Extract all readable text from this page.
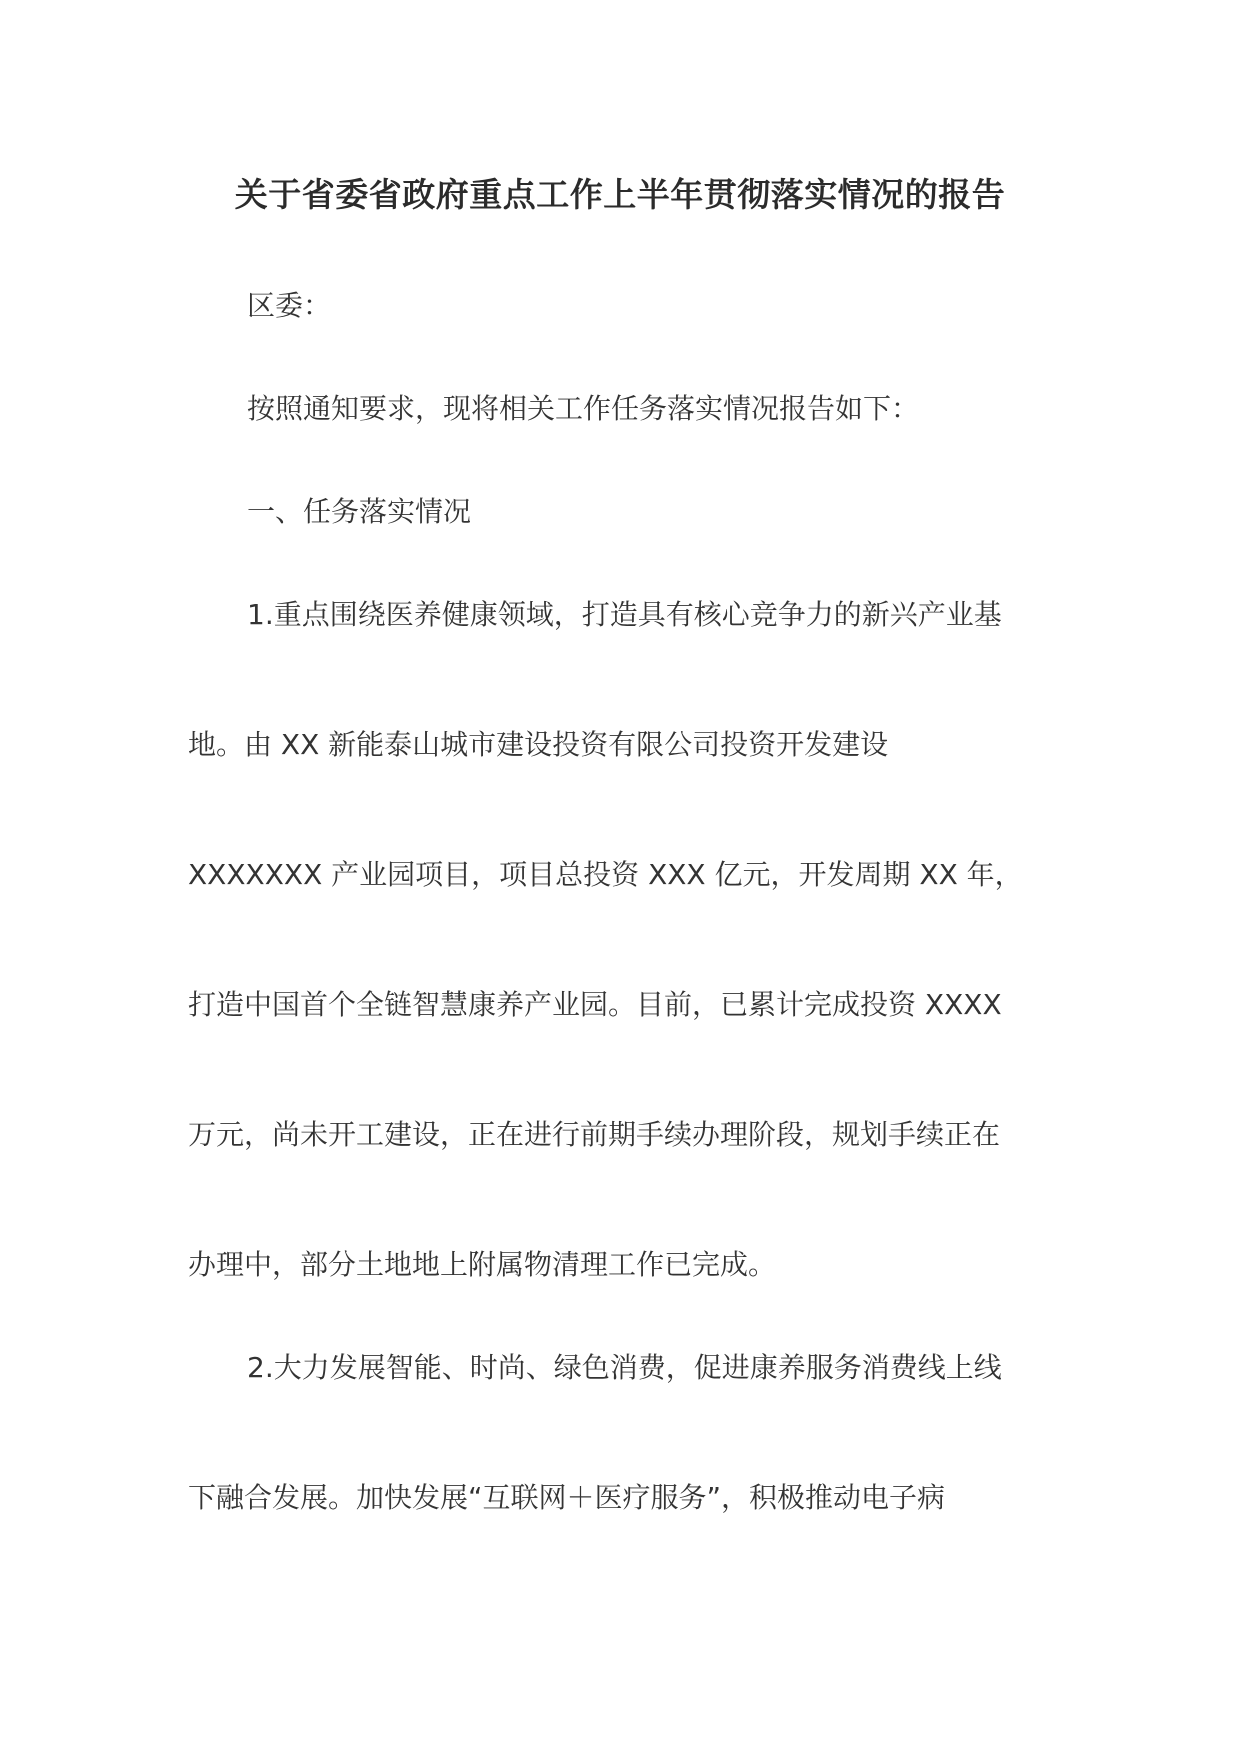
关于省委省政府重点工作上半年贯彻落实情况的报告
区委：
按照通知要求，现将相关工作任务落实情况报告如下：
一、任务落实情况
1.重点围绕医养健康领域，打造具有核心竞争力的新兴产业基
地。由 XX 新能泰山城市建设投资有限公司投资开发建设
XXXXXXX 产业园项目，项目总投资 XXX 亿元，开发周期 XX 年，
打造中国首个全链智慧康养产业园。目前，已累计完成投资 XXXX
万元，尚未开工建设，正在进行前期手续办理阶段，规划手续正在
办理中，部分土地地上附属物清理工作已完成。
2.大力发展智能、时尚、绿色消费，促进康养服务消费线上线
下融合发展。加快发展“互联网＋医疗服务”，积极推动电子病
